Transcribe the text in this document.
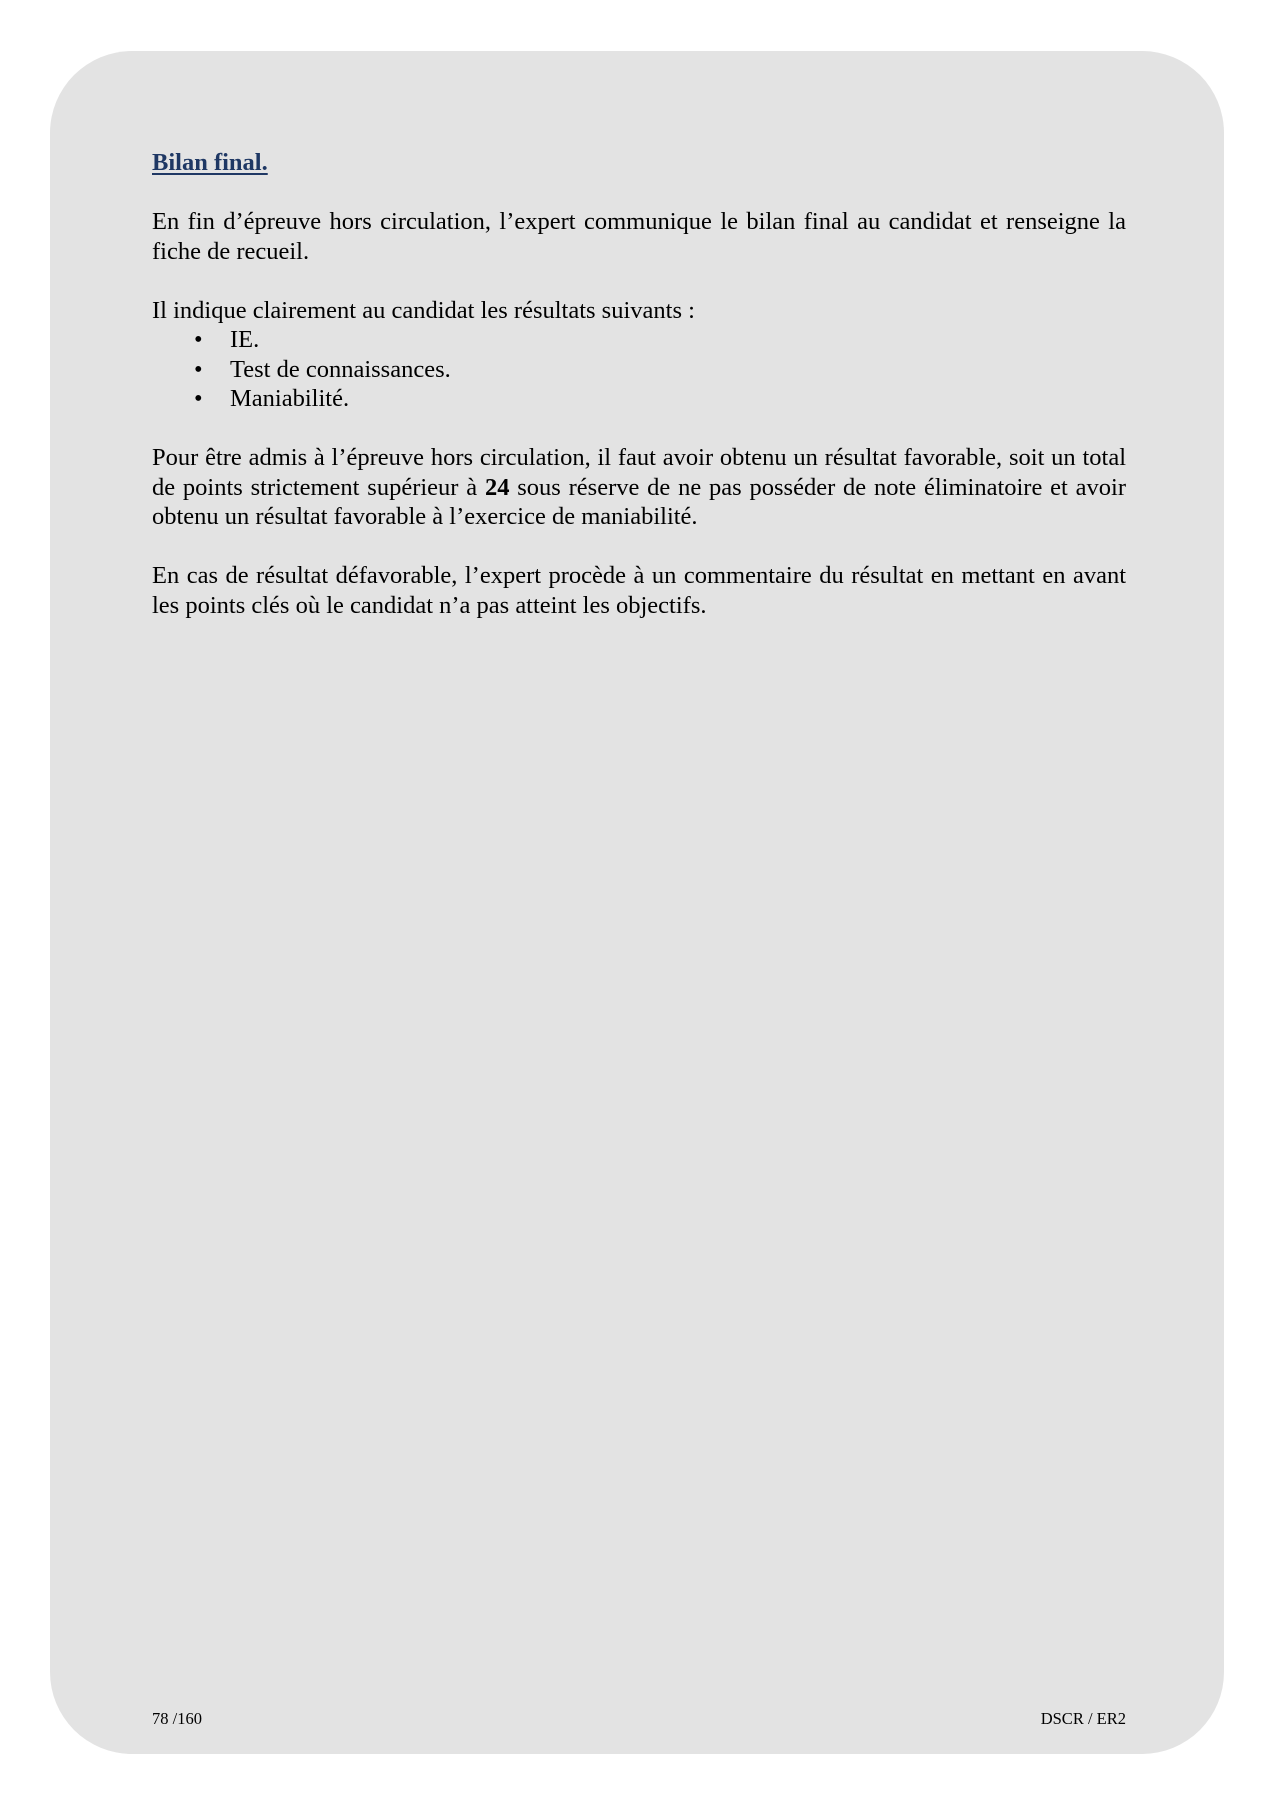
Bilan final.

En fin d’épreuve hors circulation, l’expert communique le bilan final au candidat et renseigne la fiche de recueil.

Il indique clairement au candidat les résultats suivants :

• IE.
• Test de connaissances.
• Maniabilité.

Pour être admis à l’épreuve hors circulation, il faut avoir obtenu un résultat favorable, soit un total de points strictement supérieur à 24 sous réserve de ne pas posséder de note éliminatoire et avoir obtenu un résultat favorable à l’exercice de maniabilité.

En cas de résultat défavorable, l’expert procède à un commentaire du résultat en mettant en avant les points clés où le candidat n’a pas atteint les objectifs.

78 /160	DSCR / ER2
